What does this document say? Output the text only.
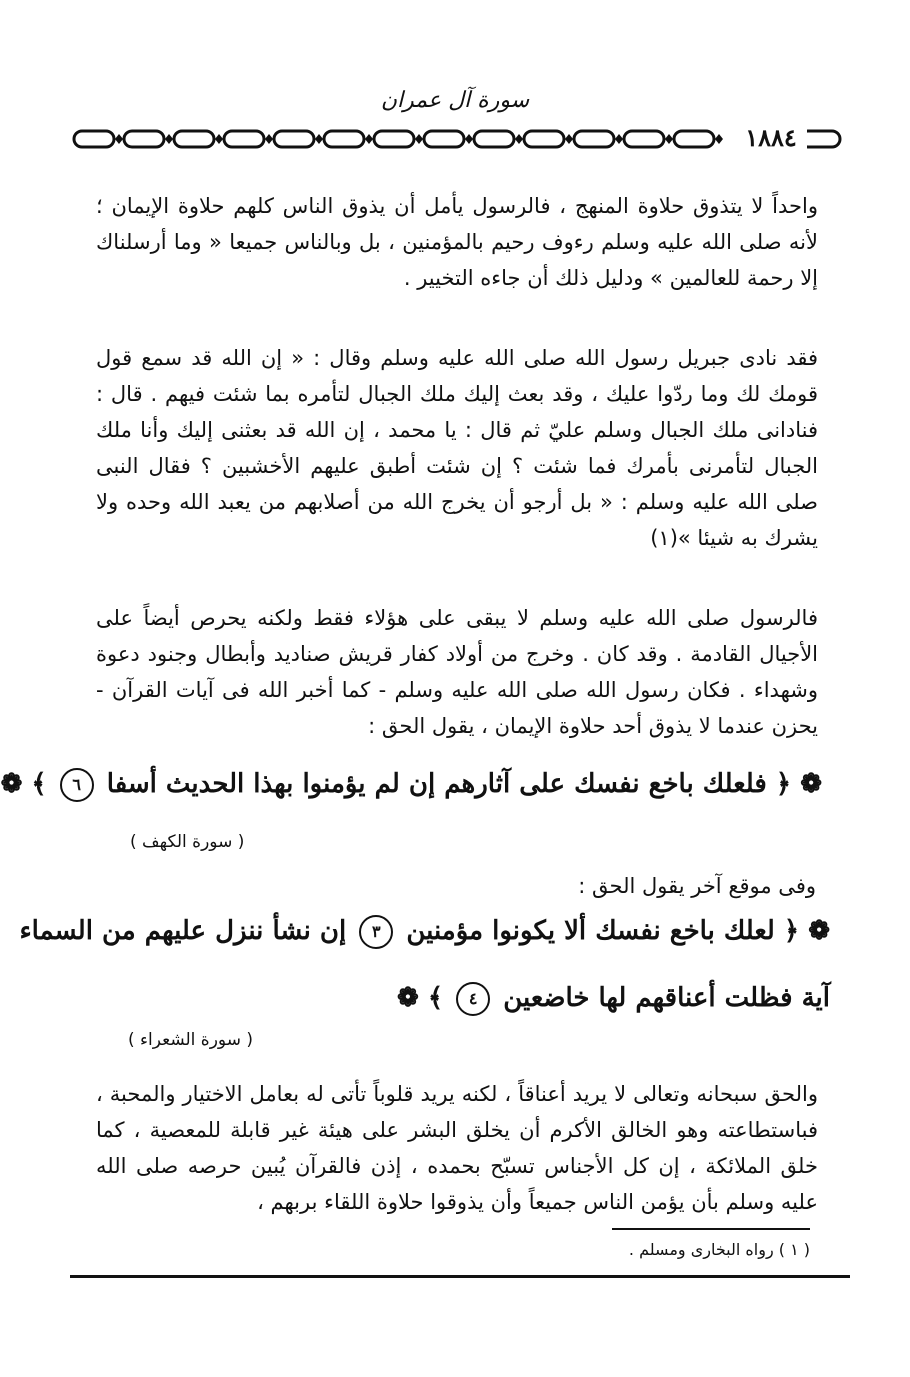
سورة آل عمران
١٨٨٤

واحداً لا يتذوق حلاوة المنهج ، فالرسول يأمل أن يذوق الناس كلهم حلاوة الإيمان ؛ لأنه صلى الله عليه وسلم رءوف رحيم بالمؤمنين ، بل وبالناس جميعا « وما أرسلناك إلا رحمة للعالمين » ودليل ذلك أن جاءه التخيير .

فقد نادى جبريل رسول الله صلى الله عليه وسلم وقال : « إن الله قد سمع قول قومك لك وما ردّوا عليك ، وقد بعث إليك ملك الجبال لتأمره بما شئت فيهم . قال : فنادانى ملك الجبال وسلم عليّ ثم قال : يا محمد ، إن الله قد بعثنى إليك وأنا ملك الجبال لتأمرنى بأمرك فما شئت ؟ إن شئت أطبق عليهم الأخشبين ؟ فقال النبى صلى الله عليه وسلم : « بل أرجو أن يخرج الله من أصلابهم من يعبد الله وحده ولا يشرك به شيئا »(١)

فالرسول صلى الله عليه وسلم لا يبقى على هؤلاء فقط ولكنه يحرص أيضاً على الأجيال القادمة . وقد كان . وخرج من أولاد كفار قريش صناديد وأبطال وجنود دعوة وشهداء . فكان رسول الله صلى الله عليه وسلم - كما أخبر الله فى آيات القرآن - يحزن عندما لا يذوق أحد حلاوة الإيمان ، يقول الحق :

❁ ﴿ فلعلك باخع نفسك على آثارهم إن لم يؤمنوا بهذا الحديث أسفا ٦ ﴾ ❁
( سورة الكهف )
وفى موقع آخر يقول الحق :
❁ ﴿ لعلك باخع نفسك ألا يكونوا مؤمنين ٣ إن نشأ ننزل عليهم من السماء
آية فظلت أعناقهم لها خاضعين ٤ ﴾ ❁
( سورة الشعراء )

والحق سبحانه وتعالى لا يريد أعناقاً ، لكنه يريد قلوباً تأتى له بعامل الاختيار والمحبة ، فباستطاعته وهو الخالق الأكرم أن يخلق البشر على هيئة غير قابلة للمعصية ، كما خلق الملائكة ، إن كل الأجناس تسبّح بحمده ، إذن فالقرآن يُبين حرصه صلى الله عليه وسلم بأن يؤمن الناس جميعاً وأن يذوقوا حلاوة اللقاء بربهم ،

( ١ ) رواه البخارى ومسلم .
